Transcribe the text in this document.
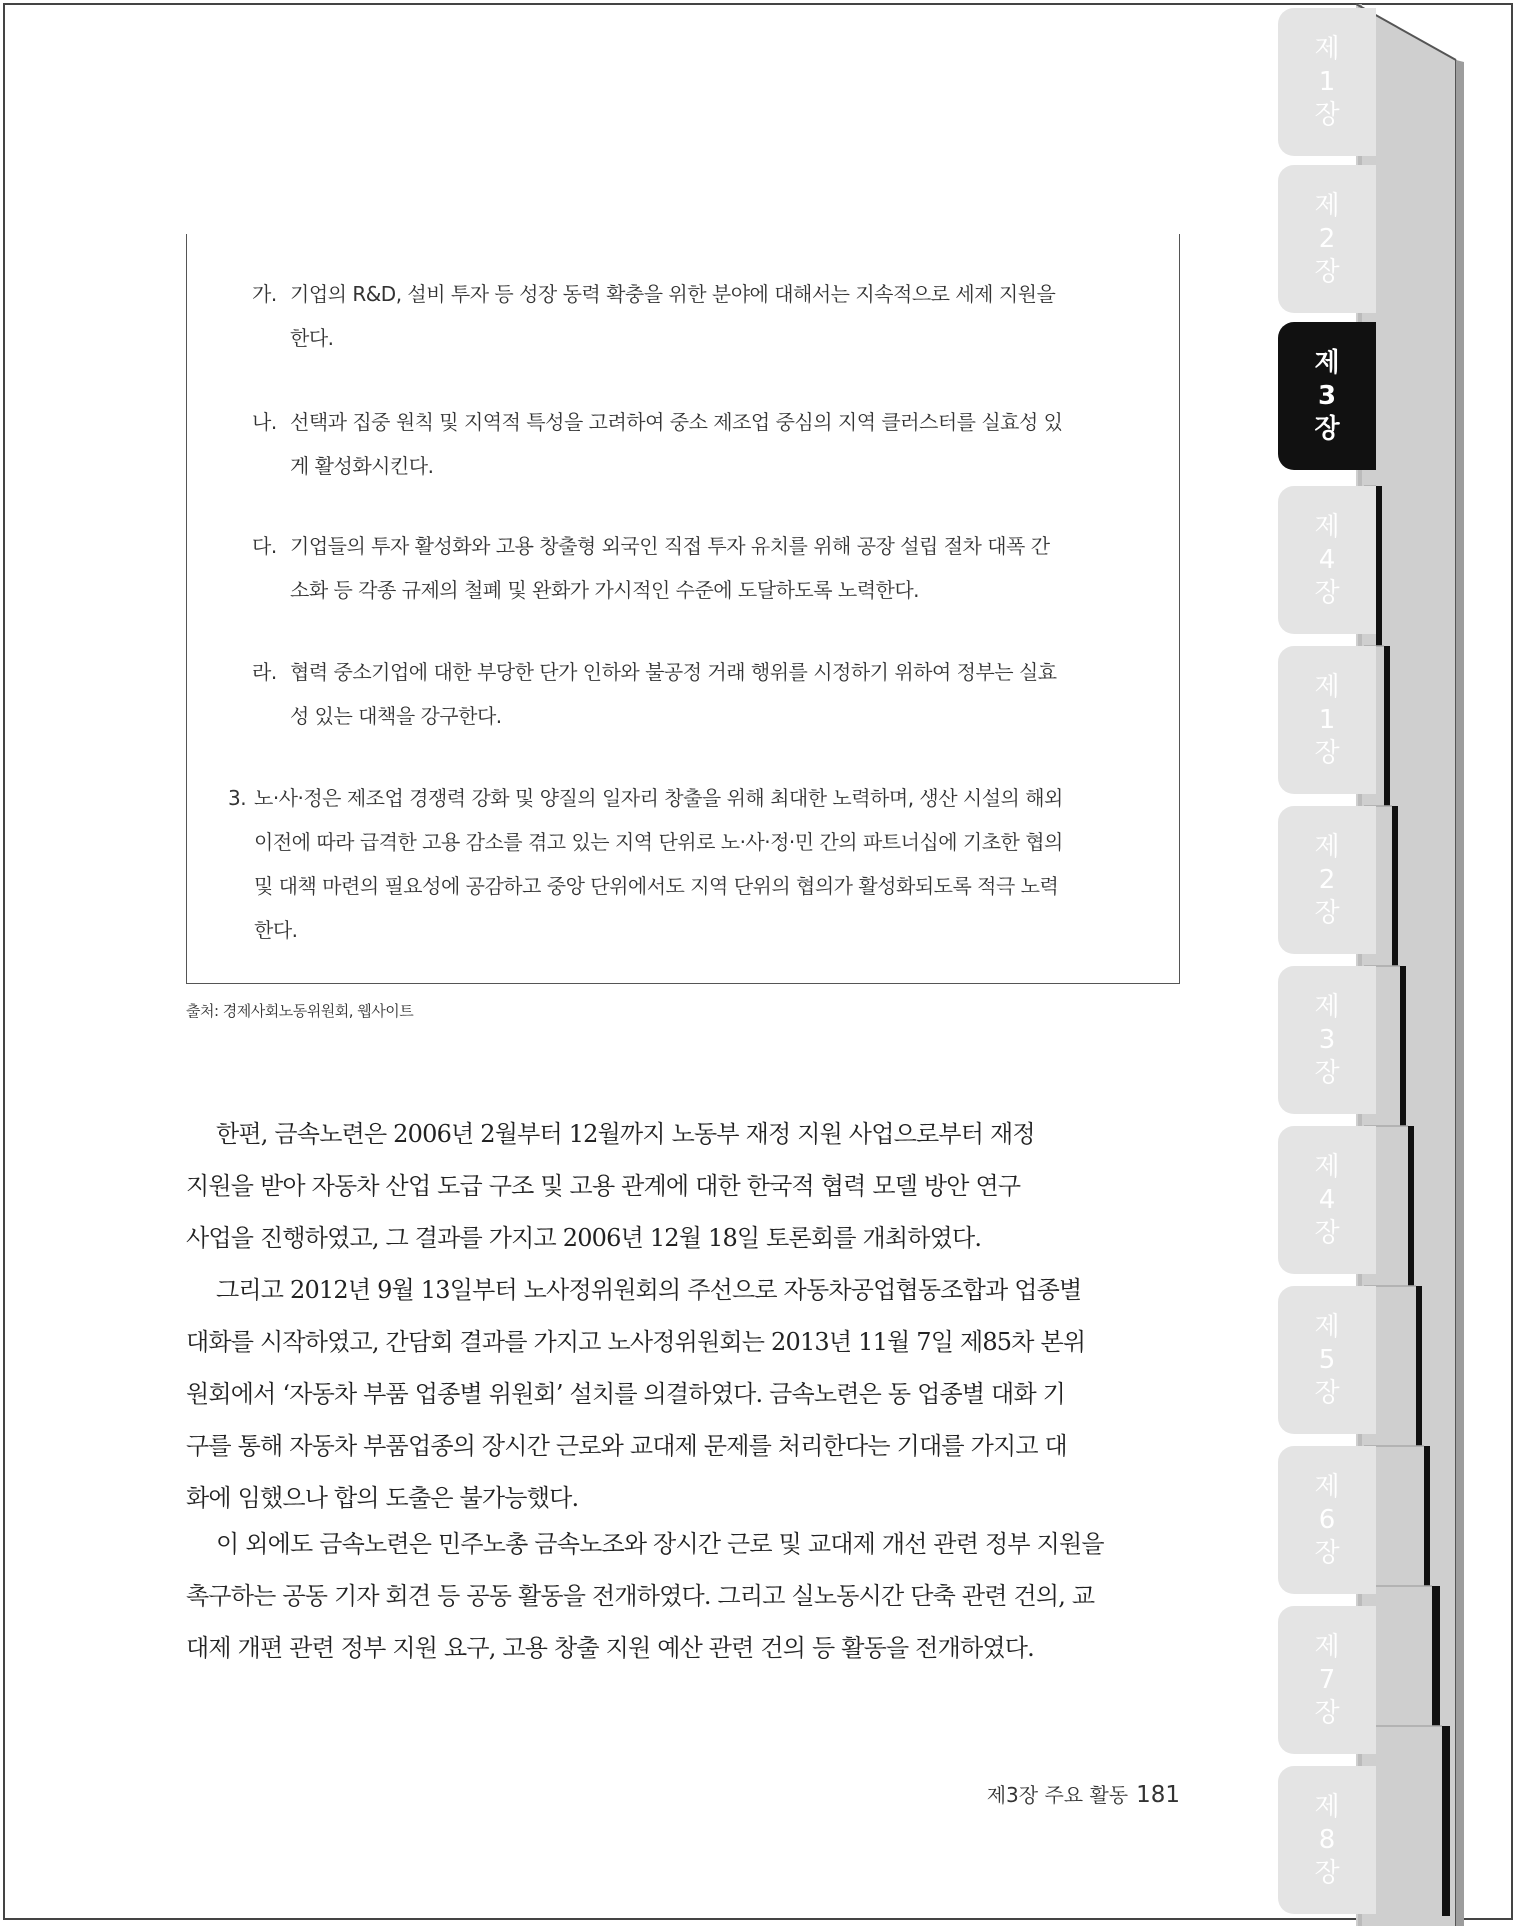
제
1
장
제
2
장
제
3
장
제
4
장
제
1
장
제
2
장
제
3
장
제
4
장
제
5
장
제
6
장
제
7
장
제
8
장
가. 기업의 R&D, 설비 투자 등 성장 동력 확충을 위한 분야에 대해서는 지속적으로 세제 지원을
한다.
나. 선택과 집중 원칙 및 지역적 특성을 고려하여 중소 제조업 중심의 지역 클러스터를 실효성 있
게 활성화시킨다.
다. 기업들의 투자 활성화와 고용 창출형 외국인 직접 투자 유치를 위해 공장 설립 절차 대폭 간
소화 등 각종 규제의 철폐 및 완화가 가시적인 수준에 도달하도록 노력한다.
라. 협력 중소기업에 대한 부당한 단가 인하와 불공정 거래 행위를 시정하기 위하여 정부는 실효
성 있는 대책을 강구한다.
3. 노·사·정은 제조업 경쟁력 강화 및 양질의 일자리 창출을 위해 최대한 노력하며, 생산 시설의 해외
이전에 따라 급격한 고용 감소를 겪고 있는 지역 단위로 노·사·정·민 간의 파트너십에 기초한 협의
및 대책 마련의 필요성에 공감하고 중앙 단위에서도 지역 단위의 협의가 활성화되도록 적극 노력
한다.
출처: 경제사회노동위원회, 웹사이트
한편, 금속노련은 2006년 2월부터 12월까지 노동부 재정 지원 사업으로부터 재정
지원을 받아 자동차 산업 도급 구조 및 고용 관계에 대한 한국적 협력 모델 방안 연구
사업을 진행하였고, 그 결과를 가지고 2006년 12월 18일 토론회를 개최하였다.
그리고 2012년 9월 13일부터 노사정위원회의 주선으로 자동차공업협동조합과 업종별
대화를 시작하였고, 간담회 결과를 가지고 노사정위원회는 2013년 11월 7일 제85차 본위
원회에서 ‘자동차 부품 업종별 위원회’ 설치를 의결하였다. 금속노련은 동 업종별 대화 기
구를 통해 자동차 부품업종의 장시간 근로와 교대제 문제를 처리한다는 기대를 가지고 대
화에 임했으나 합의 도출은 불가능했다.
이 외에도 금속노련은 민주노총 금속노조와 장시간 근로 및 교대제 개선 관련 정부 지원을
촉구하는 공동 기자 회견 등 공동 활동을 전개하였다. 그리고 실노동시간 단축 관련 건의, 교
대제 개편 관련 정부 지원 요구, 고용 창출 지원 예산 관련 건의 등 활동을 전개하였다.
제3장 주요 활동 181
